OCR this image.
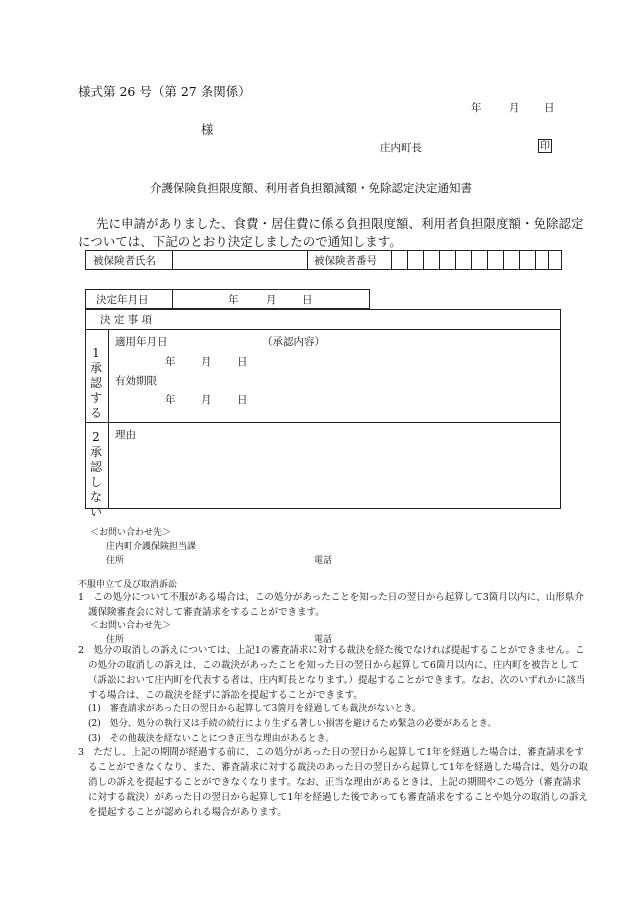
様式第 26 号（第 27 条関係）
年	月 日
様
庄内町長	印
介護保険負担限度額、利用者負担額減額・免除認定決定通知書
先に申請がありました、食費・居住費に係る負担限度額、利用者負担限度額・免除認定
については、下記のとおり決定しましたので通知します。
被保険者氏名	被保険者番号
決定年月日	年	月 日
決 定 事 項
1
承
認
す
る
適用年月日	（承認内容）
年 月 日
有効期限
年 月 日
2
承
認
し
な
い
理由
＜お問い合わせ先＞
庄内町介護保険担当課
住所	電話
不服申立て及び取消訴訟
1　この処分について不服がある場合は、この処分があったことを知った日の翌日から起算して3箇月以内に、山形県介護保険審査会に対して審査請求をすることができます。
＜お問い合わせ先＞
住所	電話
2　処分の取消しの訴えについては、上記1の審査請求に対する裁決を経た後でなければ提起することができません。この処分の取消しの訴えは、この裁決があったことを知った日の翌日から起算して6箇月以内に、庄内町を被告として（訴訟において庄内町を代表する者は、庄内町長となります。）提起することができます。なお、次のいずれかに該当する場合は、この裁決を経ずに訴訟を提起することができます。
(1)　審査請求があった日の翌日から起算して3箇月を経過しても裁決がないとき。
(2)　処分、処分の執行又は手続の続行により生ずる著しい損害を避けるため緊急の必要があるとき。
(3)　その他裁決を経ないことにつき正当な理由があるとき。
3　ただし、上記の期間が経過する前に、この処分があった日の翌日から起算して1年を経過した場合は、審査請求をすることができなくなり、また、審査請求に対する裁決のあった日の翌日から起算して1年を経過した場合は、処分の取消しの訴えを提起することができなくなります。なお、正当な理由があるときは、上記の期間やこの処分（審査請求に対する裁決）があった日の翌日から起算して1年を経過した後であっても審査請求をすることや処分の取消しの訴えを提起することが認められる場合があります。
